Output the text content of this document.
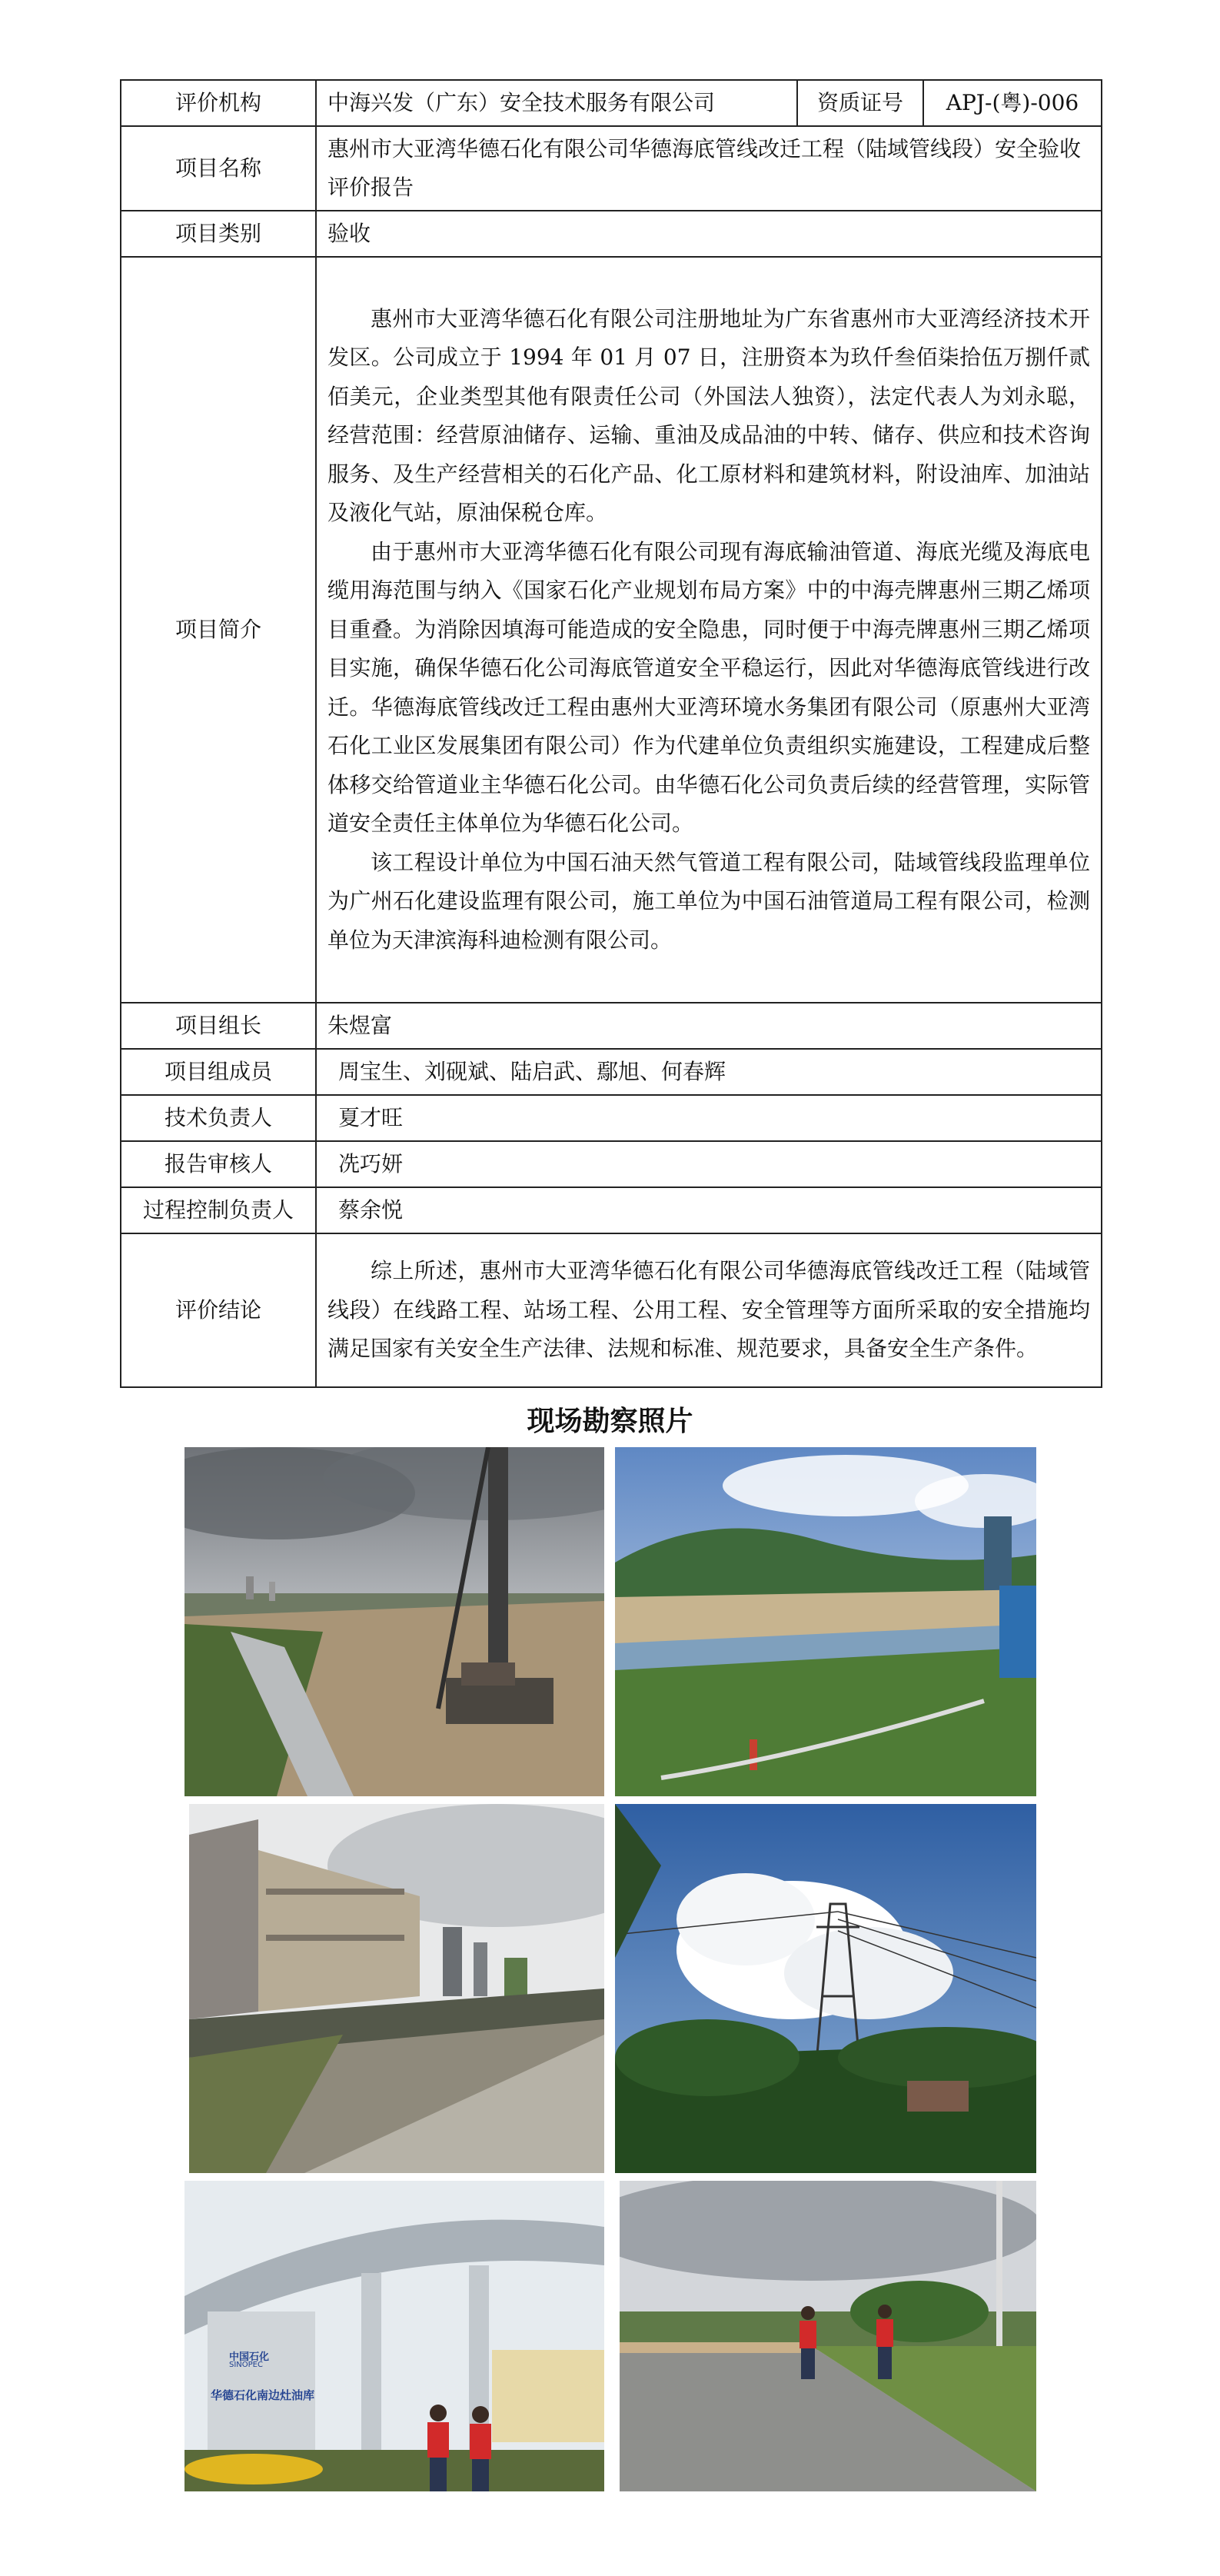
评价机构	中海兴发（广东）安全技术服务有限公司	资质证号	APJ-(粤)-006
项目名称	惠州市大亚湾华德石化有限公司华德海底管线改迁工程（陆域管线段）安全验收评价报告		
项目类别	验收		
项目简介	惠州市大亚湾华德石化有限公司注册地址为广东省惠州市大亚湾经济技术开发区。公司成立于 1994 年 01 月 07 日，注册资本为玖仟叁佰柒拾伍万捌仟贰佰美元，企业类型其他有限责任公司（外国法人独资），法定代表人为刘永聪，经营范围：经营原油储存、运输、重油及成品油的中转、储存、供应和技术咨询服务、及生产经营相关的石化产品、化工原材料和建筑材料，附设油库、加油站及液化气站，原油保税仓库。

由于惠州市大亚湾华德石化有限公司现有海底输油管道、海底光缆及海底电缆用海范围与纳入《国家石化产业规划布局方案》中的中海壳牌惠州三期乙烯项目重叠。为消除因填海可能造成的安全隐患，同时便于中海壳牌惠州三期乙烯项目实施，确保华德石化公司海底管道安全平稳运行，因此对华德海底管线进行改迁。华德海底管线改迁工程由惠州大亚湾环境水务集团有限公司（原惠州大亚湾石化工业区发展集团有限公司）作为代建单位负责组织实施建设，工程建成后整体移交给管道业主华德石化公司。由华德石化公司负责后续的经营管理，实际管道安全责任主体单位为华德石化公司。

该工程设计单位为中国石油天然气管道工程有限公司，陆域管线段监理单位为广州石化建设监理有限公司，施工单位为中国石油管道局工程有限公司，检测单位为天津滨海科迪检测有限公司。		

项目组长	朱煜富		
项目组成员	周宝生、刘砚斌、陆启武、鄢旭、何春辉		
技术负责人	夏才旺		
报告审核人	冼巧妍		
过程控制负责人	蔡余悦		
评价结论	综上所述，惠州市大亚湾华德石化有限公司华德海底管线改迁工程（陆域管线段）在线路工程、站场工程、公用工程、安全管理等方面所采取的安全措施均满足国家有关安全生产法律、法规和标准、规范要求，具备安全生产条件。		

现场勘察照片
中国石化
SINOPEC
华德石化南边灶油库
